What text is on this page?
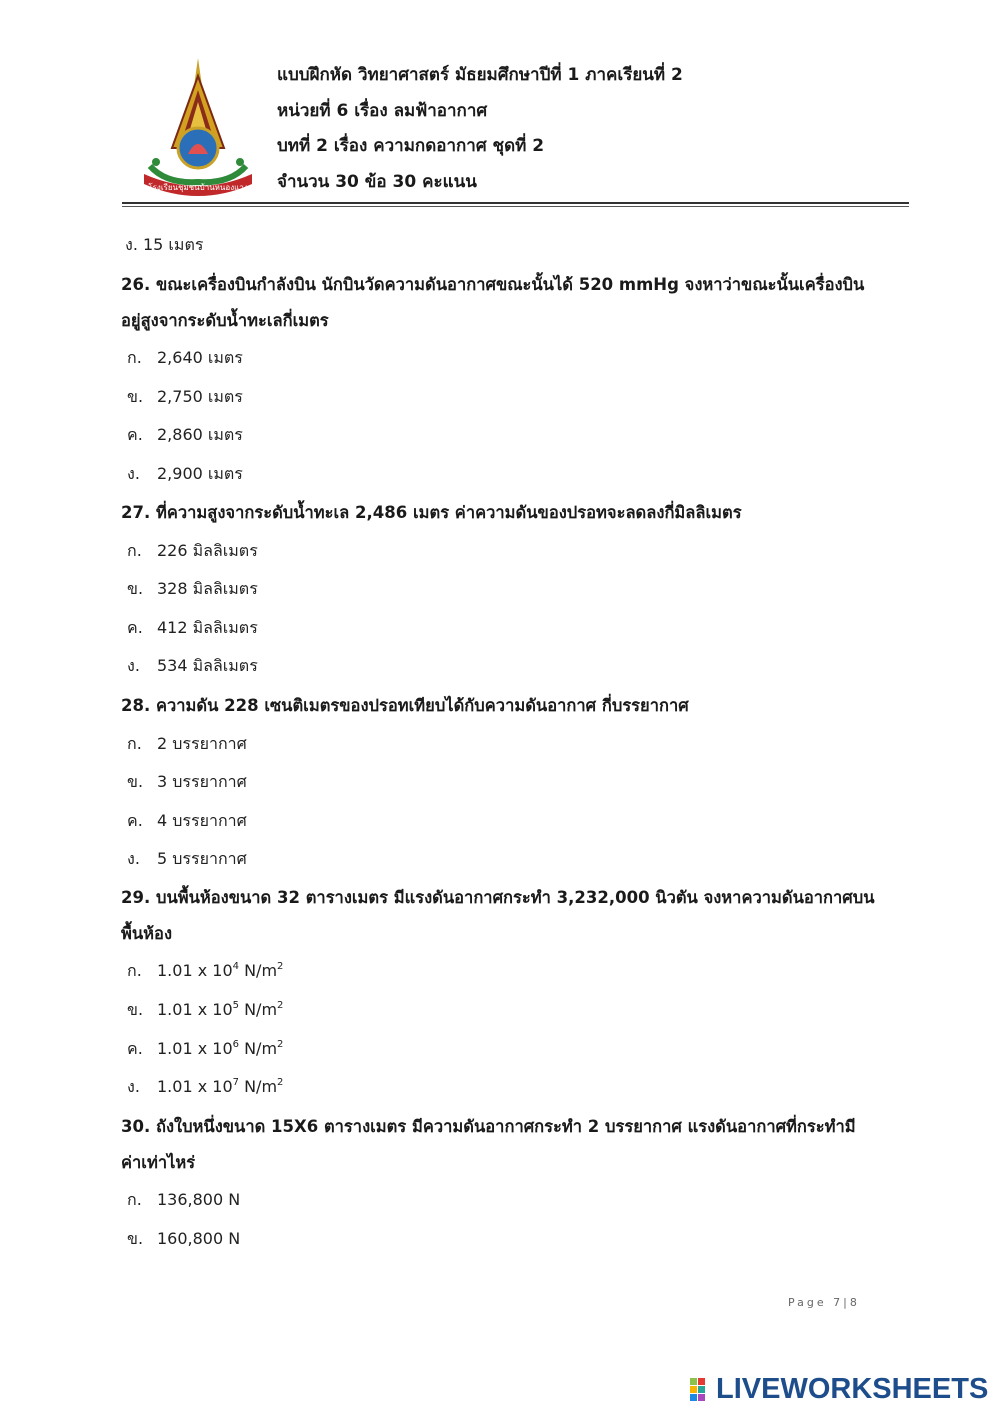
โรงเรียนชุมชนบ้านหนองแวง
แบบฝึกหัด วิทยาศาสตร์ มัธยมศึกษาปีที่ 1 ภาคเรียนที่ 2
หน่วยที่ 6 เรื่อง ลมฟ้าอากาศ
บทที่ 2 เรื่อง ความกดอากาศ ชุดที่ 2
จำนวน 30 ข้อ 30 คะแนน
ง. 15 เมตร
26. ขณะเครื่องบินกำลังบิน นักบินวัดความดันอากาศขณะนั้นได้ 520 mmHg จงหาว่าขณะนั้นเครื่องบิน
อยู่สูงจากระดับน้ำทะเลกี่เมตร
ก. 2,640 เมตร
ข. 2,750 เมตร
ค. 2,860 เมตร
ง. 2,900 เมตร
27. ที่ความสูงจากระดับน้ำทะเล 2,486 เมตร ค่าความดันของปรอทจะลดลงกี่มิลลิเมตร
ก. 226 มิลลิเมตร
ข. 328 มิลลิเมตร
ค. 412 มิลลิเมตร
ง. 534 มิลลิเมตร
28. ความดัน 228 เซนติเมตรของปรอทเทียบได้กับความดันอากาศ กี่บรรยากาศ
ก. 2 บรรยากาศ
ข. 3 บรรยากาศ
ค. 4 บรรยากาศ
ง. 5 บรรยากาศ
29. บนพื้นห้องขนาด 32 ตารางเมตร มีแรงดันอากาศกระทำ 3,232,000 นิวตัน จงหาความดันอากาศบน
พื้นห้อง
ก. 1.01 x $10^4$ $N/m^2$
ข. 1.01 x $10^5$ $N/m^2$
ค. 1.01 x $10^6$ $N/m^2$
ง. 1.01 x $10^7$ $N/m^2$
30. ถังใบหนึ่งขนาด 15X6 ตารางเมตร มีความดันอากาศกระทำ 2 บรรยากาศ แรงดันอากาศที่กระทำมี
ค่าเท่าไหร่
ก. 136,800 N
ข. 160,800 N
Page 7|8
LIVEWORKSHEETS
